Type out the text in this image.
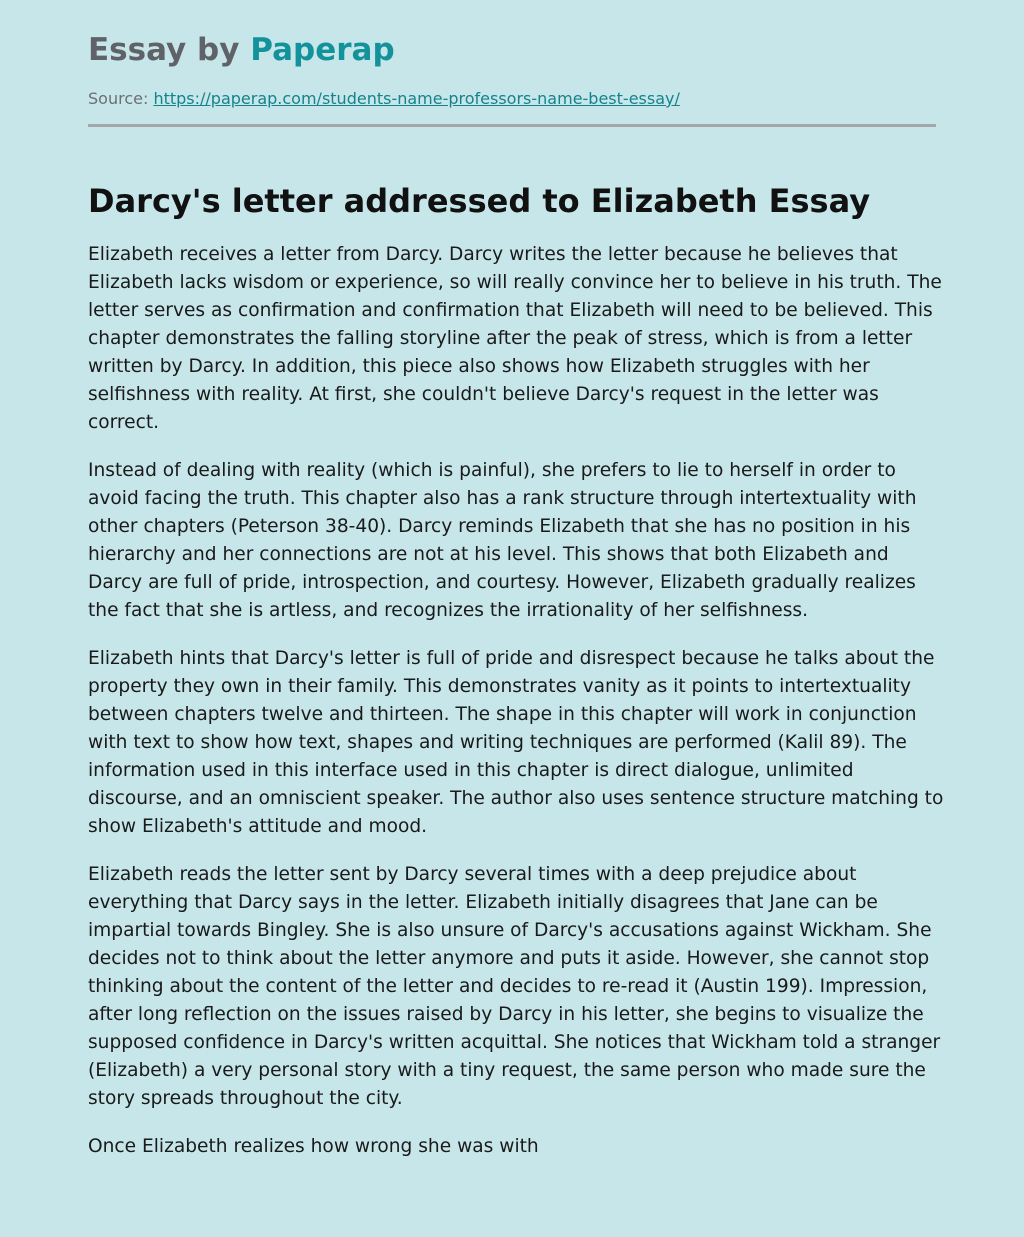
Essay by Paperap
Source: https://paperap.com/students-name-professors-name-best-essay/
Darcy's letter addressed to Elizabeth Essay

Elizabeth receives a letter from Darcy. Darcy writes the letter because he believes that Elizabeth lacks wisdom or experience, so will really convince her to believe in his truth. The letter serves as confirmation and confirmation that Elizabeth will need to be believed. This chapter demonstrates the falling storyline after the peak of stress, which is from a letter written by Darcy. In addition, this piece also shows how Elizabeth struggles with her selfishness with reality. At first, she couldn't believe Darcy's request in the letter was correct.

Instead of dealing with reality (which is painful), she prefers to lie to herself in order to avoid facing the truth. This chapter also has a rank structure through intertextuality with other chapters (Peterson 38-40). Darcy reminds Elizabeth that she has no position in his hierarchy and her connections are not at his level. This shows that both Elizabeth and Darcy are full of pride, introspection, and courtesy. However, Elizabeth gradually realizes the fact that she is artless, and recognizes the irrationality of her selfishness.

Elizabeth hints that Darcy's letter is full of pride and disrespect because he talks about the property they own in their family. This demonstrates vanity as it points to intertextuality between chapters twelve and thirteen. The shape in this chapter will work in conjunction with text to show how text, shapes and writing techniques are performed (Kalil 89). The information used in this interface used in this chapter is direct dialogue, unlimited discourse, and an omniscient speaker. The author also uses sentence structure matching to show Elizabeth's attitude and mood.

Elizabeth reads the letter sent by Darcy several times with a deep prejudice about everything that Darcy says in the letter. Elizabeth initially disagrees that Jane can be impartial towards Bingley. She is also unsure of Darcy's accusations against Wickham. She decides not to think about the letter anymore and puts it aside. However, she cannot stop thinking about the content of the letter and decides to re-read it (Austin 199). Impression, after long reflection on the issues raised by Darcy in his letter, she begins to visualize the supposed confidence in Darcy's written acquittal. She notices that Wickham told a stranger (Elizabeth) a very personal story with a tiny request, the same person who made sure the story spreads throughout the city.

Once Elizabeth realizes how wrong she was with
